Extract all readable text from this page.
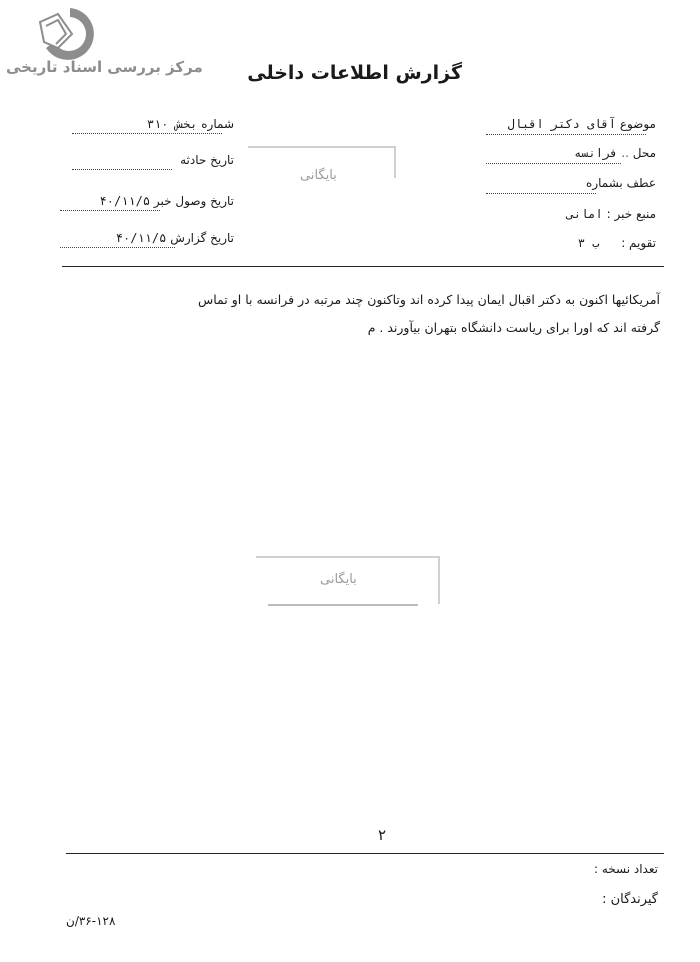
مرکز بررسی اسناد تاریخی گزارش اطلاعات داخلی
موضوع آقای دکتر اقبال
محل .. فرانسه
عطف بشماره
منبع خبر : امانی
تقویم : ب ۳
شماره بخش ۳۱۰
تاریخ حادثه
تاریخ وصول خبر ۴۰/۱۱/۵
تاریخ گزارش ۴۰/۱۱/۵
بایگانی
آمریکائیها اکنون به دکتر اقبال ایمان پیدا کرده اند وتاکنون چند مرتبه در فرانسه با او تماس
گرفته اند که اورا برای ریاست دانشگاه بتهران بیآورند . م
بایگانی
۲
تعداد نسخه :
گیرندگان :
۳۶-۱۲۸/ن
